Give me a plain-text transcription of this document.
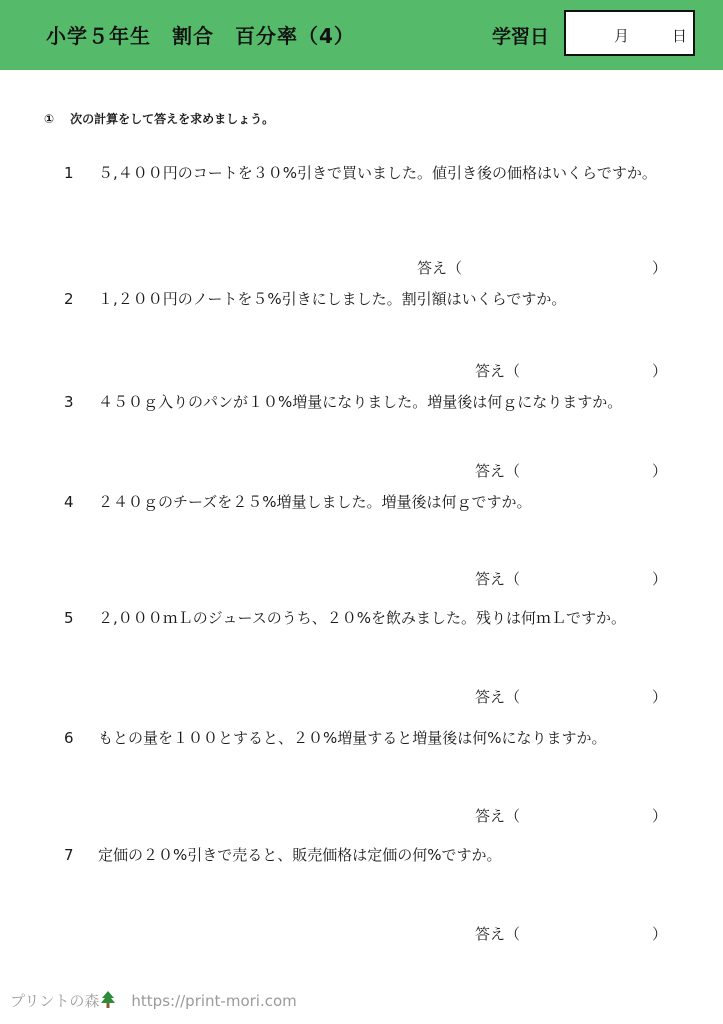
小学５年生　割合　百分率（4）	学習日	月	日
① 次の計算をして答えを求めましょう。
1 ５,４００円のコートを３０%引きで買いました。値引き後の価格はいくらですか。
答え（	）
2 １,２００円のノートを５%引きにしました。割引額はいくらですか。
答え（	）
3 ４５０ｇ入りのパンが１０%増量になりました。増量後は何ｇになりますか。
答え（	）
4 ２４０ｇのチーズを２５%増量しました。増量後は何ｇですか。
答え（	）
5 ２,０００ｍＬのジュースのうち、２０%を飲みました。残りは何ｍＬですか。
答え（	）
6 もとの量を１００とすると、２０%増量すると増量後は何%になりますか。
答え（	）
7 定価の２０%引きで売ると、販売価格は定価の何%ですか。
答え（	）
プリントの森 https://print-mori.com
